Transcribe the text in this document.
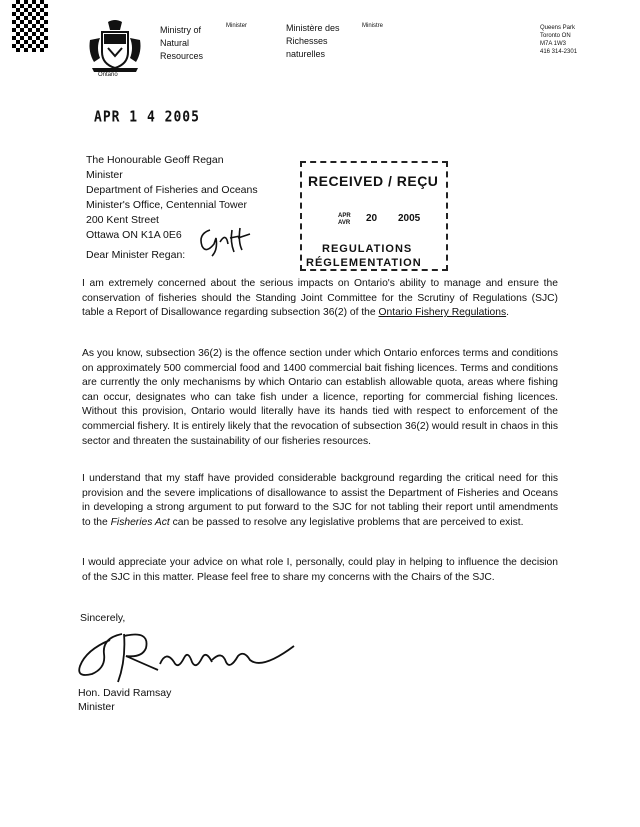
Ontario
Ministry of
Natural
Resources
Minister	Ministère des
Richesses
naturelles
Ministre	Queens Park
Toronto ON
M7A 1W3
416 314-2301
APR 1 4 2005
The Honourable Geoff Regan
Minister
Department of Fisheries and Oceans
Minister's Office, Centennial Tower
200 Kent Street
Ottawa ON K1A 0E6
RECEIVED / REÇU
APR
AVR 20 2005
REGULATIONS
RÉGLEMENTATION
Dear Minister Regan:
I am extremely concerned about the serious impacts on Ontario's ability to manage and ensure the conservation of fisheries should the Standing Joint Committee for the Scrutiny of Regulations (SJC) table a Report of Disallowance regarding subsection 36(2) of the Ontario Fishery Regulations.
As you know, subsection 36(2) is the offence section under which Ontario enforces terms and conditions on approximately 500 commercial food and 1400 commercial bait fishing licences. Terms and conditions are currently the only mechanisms by which Ontario can establish allowable quota, areas where fishing can occur, designates who can take fish under a licence, reporting for commercial fishing licences. Without this provision, Ontario would literally have its hands tied with respect to enforcement of the commercial fishery. It is entirely likely that the revocation of subsection 36(2) would result in chaos in this sector and threaten the sustainability of our fisheries resources.
I understand that my staff have provided considerable background regarding the critical need for this provision and the severe implications of disallowance to assist the Department of Fisheries and Oceans in developing a strong argument to put forward to the SJC for not tabling their report until amendments to the Fisheries Act can be passed to resolve any legislative problems that are perceived to exist.
I would appreciate your advice on what role I, personally, could play in helping to influence the decision of the SJC in this matter. Please feel free to share my concerns with the Chairs of the SJC.
Sincerely,
Hon. David Ramsay
Minister
